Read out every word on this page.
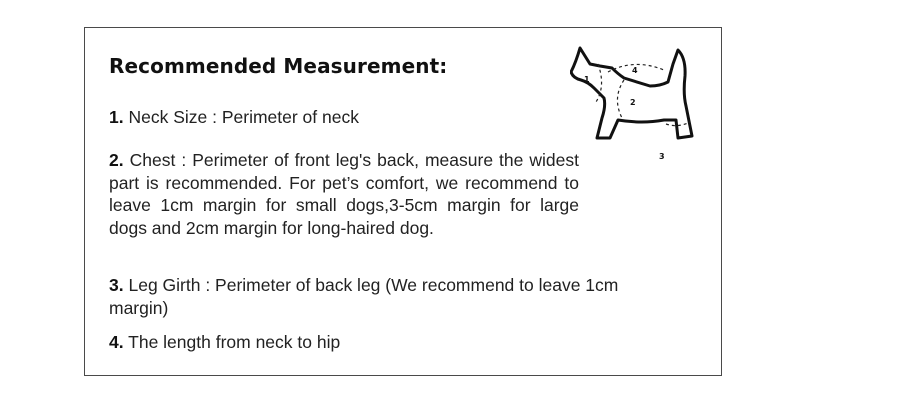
Recommended Measurement:
1. Neck Size : Perimeter of neck
2. Chest : Perimeter of front leg's back, measure the widest part is recommended. For pet’s comfort, we recommend to leave 1cm margin for small dogs,3-5cm margin for large dogs and 2cm margin for long-haired dog.
3. Leg Girth : Perimeter of back leg (We recommend to leave 1cm margin)
4. The length from neck to hip
1
4
2
3
